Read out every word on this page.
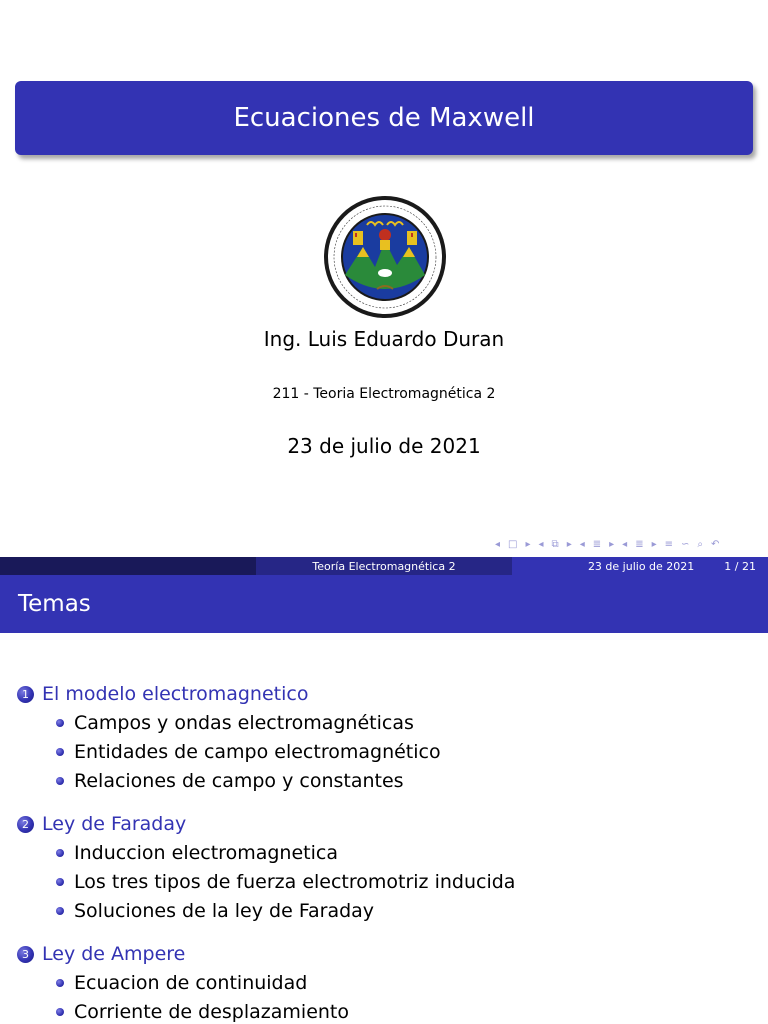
Ecuaciones de Maxwell
Ing. Luis Eduardo Duran
211 - Teoria Electromagnética 2
23 de julio de 2021
◂ □ ▸ ◂ ⧉ ▸ ◂ ≣ ▸ ◂ ≣ ▸ ≡ ∽ ⌕ ↶
Teoría Electromagnética 2	23 de julio de 2021	1 / 21
Temas
1 El modelo electromagnetico
Campos y ondas electromagnéticas
Entidades de campo electromagnético
Relaciones de campo y constantes
2 Ley de Faraday
Induccion electromagnetica
Los tres tipos de fuerza electromotriz inducida
Soluciones de la ley de Faraday
3 Ley de Ampere
Ecuacion de continuidad
Corriente de desplazamiento
